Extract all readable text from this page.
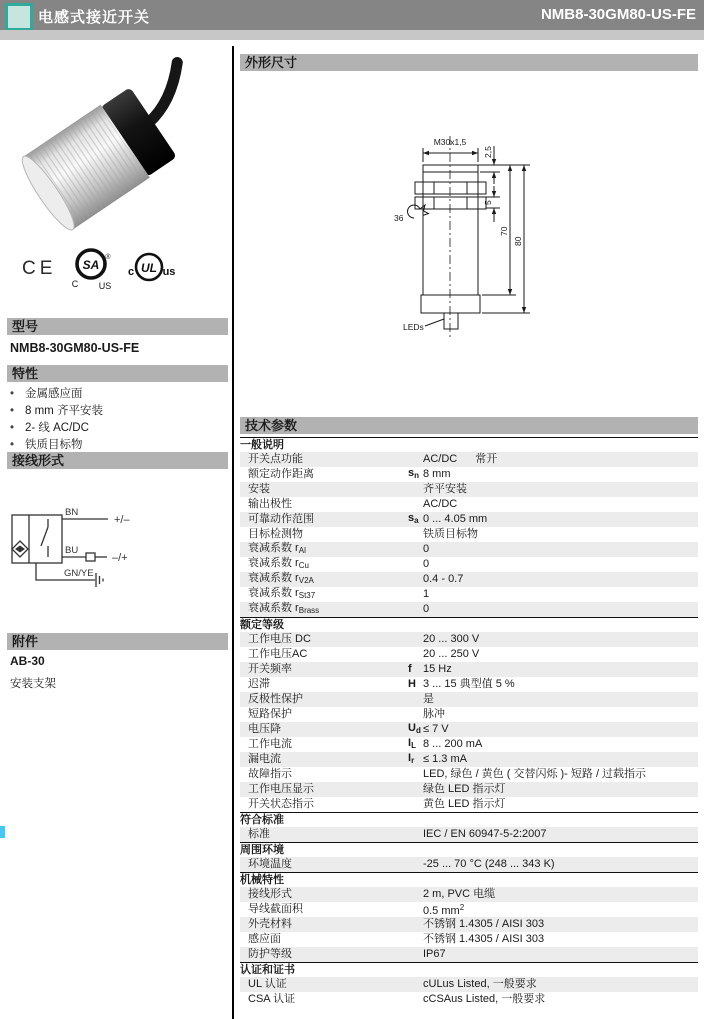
电感式接近开关	NMB8-30GM80-US-FE
CE SA
®
C US
UL
c	us
型号
NMB8-30GM80-US-FE
特性
• 金属感应面
• 8 mm 齐平安装
• 2- 线 AC/DC
• 铁质目标物
接线形式
BN
BU
GN/YE
+/–
–/+
附件
AB-30
安装支架
外形尺寸
M30x1,5
2,5
5
70
80
36
LEDs
技术参数
一般说明
开关点功能	AC/DC 常开
额定动作距离	$s_n$ 8 mm
安装	齐平安装
输出极性	AC/DC
可靠动作范围	$s_a$ 0 ... 4.05 mm
目标检测物	铁质目标物
衰减系数 $r_{Al}$	0
衰减系数 $r_{Cu}$	0
衰减系数 $r_{V2A}$	0.4 - 0.7
衰减系数 $r_{St37}$	1
衰减系数 $r_{Brass}$	0
额定等级
工作电压 DC	20 ... 300 V
工作电压AC	20 ... 250 V
开关频率	f	15 Hz
迟滞	H 3 ... 15 典型值 5 %
反极性保护	是
短路保护	脉冲
电压降	$U_d \le 7$ V
工作电流	$I_L$ 8 ... 200 mA
漏电流	$I_r \le 1.3$ mA
故障指示	LED, 绿色 / 黄色 ( 交替闪烁 )- 短路 / 过载指示
工作电压显示	绿色 LED 指示灯
开关状态指示	黄色 LED 指示灯
符合标准
标准	IEC / EN 60947-5-2:2007
周围环境
环境温度	-25 ... 70 °C (248 ... 343 K)
机械特性
接线形式	2 m, PVC 电缆
导线截面积	0.5 $mm^2$
外壳材料	不锈钢 1.4305 / AISI 303
感应面	不锈钢 1.4305 / AISI 303
防护等级	IP67
认证和证书
UL 认证	cULus Listed, 一般要求
CSA 认证	cCSAus Listed, 一般要求
